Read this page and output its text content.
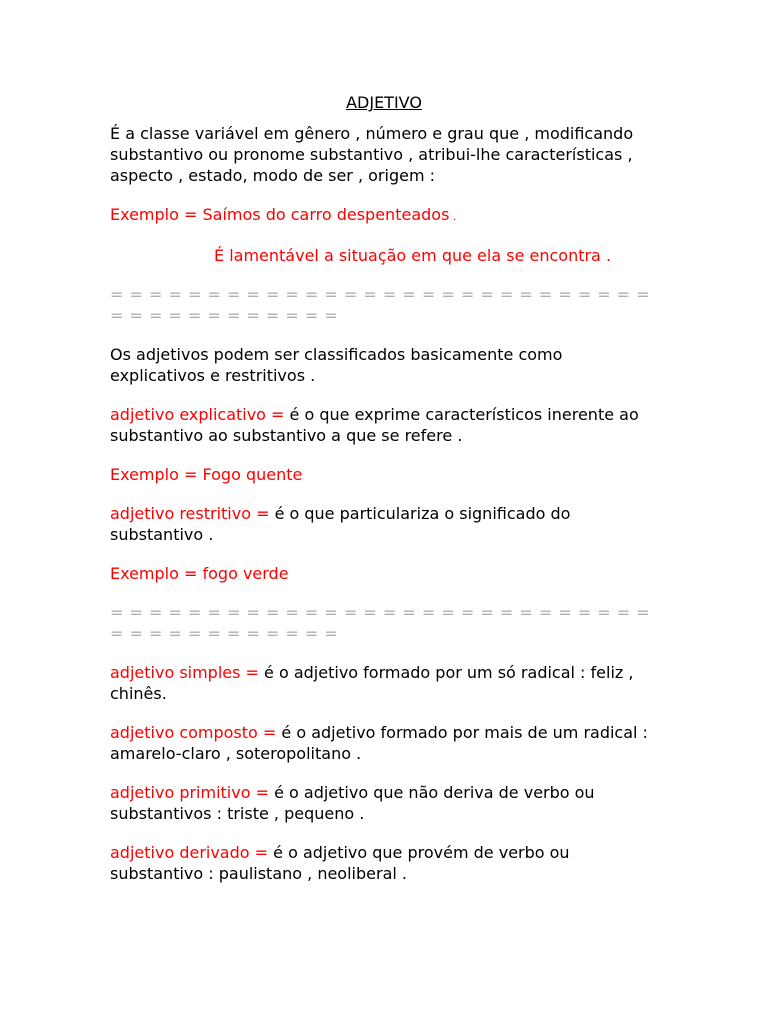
ADJETIVO

É a classe variável em gênero , número e grau que , modificando substantivo ou pronome substantivo , atribui-lhe características , aspecto , estado, modo de ser , origem :

Exemplo = Saímos do carro despenteados .

É lamentável a situação em que ela se encontra .

= = = = = = = = = = = = = = = = = = = = = = = = = = = = = = = = = = = = = = = =

Os adjetivos podem ser classificados basicamente como explicativos e restritivos .

adjetivo explicativo = é o que exprime característicos inerente ao substantivo ao substantivo a que se refere .

Exemplo = Fogo quente

adjetivo restritivo = é o que particulariza o significado do substantivo .

Exemplo = fogo verde

= = = = = = = = = = = = = = = = = = = = = = = = = = = = = = = = = = = = = = = =

adjetivo simples = é o adjetivo formado por um só radical : feliz , chinês.

adjetivo composto = é o adjetivo formado por mais de um radical : amarelo-claro , soteropolitano .

adjetivo primitivo = é o adjetivo que não deriva de verbo ou substantivos : triste , pequeno .

adjetivo derivado = é o adjetivo que provém de verbo ou substantivo : paulistano , neoliberal .
